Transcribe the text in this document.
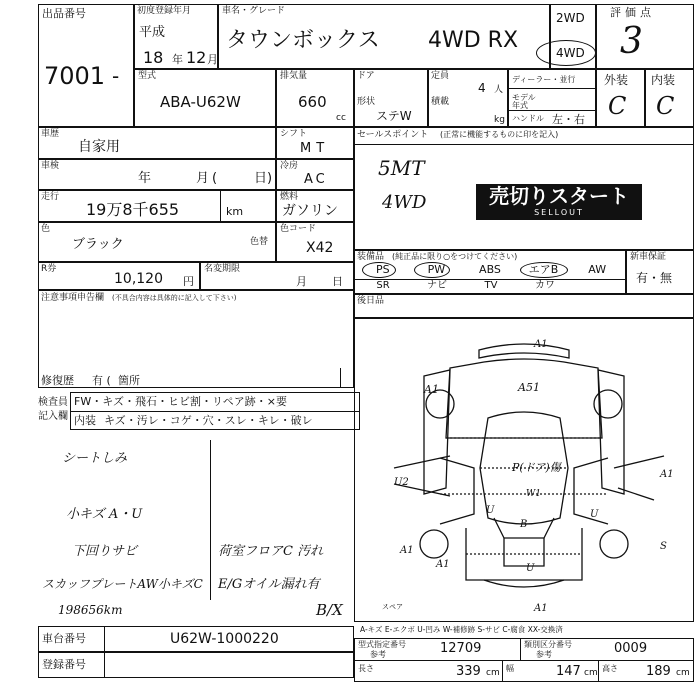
出品番号
7001 -
初度登録年月
平成
18 年 12 月
車名・グレード
タウンボックス 4WD RX
2WD
4WD
評価点
3
型式
ABA-U62W
排気量
660
cc
ドア
形状
ステW
定員
4 人
積載
kg
ディーラー・並行
モデル年式
ハンドル 左・右
外装
C
内装
C
車歴
自家用
シフト
MT
車検
年	月 (	日)
冷房
AC
走行
19万8千655	km
燃料
ガソリン
色
ブラック	色替
色コード
X42
R券
10,120 円
名変期限
月 日
注意事項申告欄 (不具合内容は具体的に記入して下さい)
修復歴 有 ( 箇所
検査員
記入欄
FW・キズ・飛石・ヒビ割・リペア跡・×要
内装 キズ・汚レ・コゲ・穴・スレ・キレ・破レ
シートしみ
小キズ A・U
下回りサビ
スカッフプレートAW小キズC
198656km
荷室フロアC 汚れ
E/Gオイル漏れ有
B/X
セールスポイント (正常に機能するものに印を記入)
5MT
4WD	売切りスタート
SELLOUT
装備品 (純正品に限り○をつけてください)
PS	PW	ABS	エアB	AW
SR	ナビ	TV	カワ
新車保証
有・無
後日品
A1
A1	A51
P(ドア)傷
W1
U2
A1
A1	S
U
U
U
A1
A1
B
スペア
A-キズ E-エクボ U-凹み W-補修跡 S-サビ C-腐食 XX-交換済
車台番号	U62W-1000220
登録番号
型式指定番号
参考	12709	類別区分番号
参考	0009
長さ	339 cm 幅	147 cm 高さ 189 cm
